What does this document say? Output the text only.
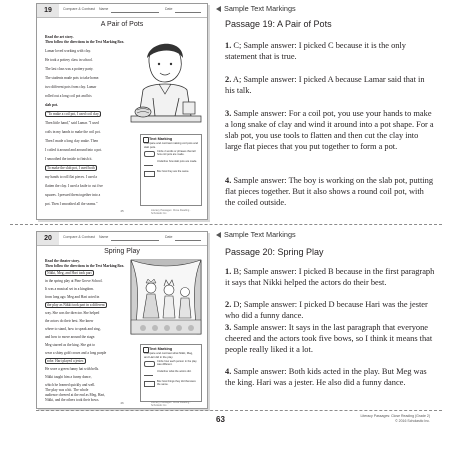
Sample Text Markings
19	Compare & Contrast Name	Date
A Pair of Pots
Read the art story.
Then follow the directions in the Text Marking Box.
Lamar loved working with clay.
He took a pottery class in school.
The last class was a pottery party.
The students made pots to take home.
two different pots from clay. Lamar
rolled out a long coil pot and his
slab pot.
"To make a coil pot, I used coil clay.
Then little hand," said Lamar. "I used
coils in my hands to make the coil pot.
Then I made a long clay snake. Then
I coiled it around and around into a pot.
I smoothed the inside to finish it.
To make the slab pot, I used both
my hands to roll flat pieces. I used a
flatten the clay. I used a knife to cut five
squares. I pressed them together into a
pot. Then I smoothed all the seams."
Text Marking
Compare and contrast making coil pots and slab pots.
Circle 2 words or phrases that tell how coil pots are made.
Underline how slab pots are made.
Box how they are the same.
45	Literacy Passages: Close Reading · Scholastic Inc.
Passage 19: A Pair of Pots
1. C; Sample answer: I picked C because it is the only statement that is true.
2. A; Sample answer: I picked A because Lamar said that in his talk.
3. Sample answer: For a coil pot, you use your hands to make a long snake of clay and wind it around into a pot shape. For a slab pot, you use tools to flatten and then cut the clay into large flat pieces that you put together to form a pot.
4. Sample answer: The boy is working on the slab pot, putting flat pieces together. But it also shows a round coil pot, with the coiled outside.
Sample Text Markings
20	Compare & Contrast Name	Date
Spring Play
Read the theater story.
Then follow the directions in the Text Marking Box.
Nikki, Meg, and Hari took part
in the spring play at Pine Grove School.
It was a musical set in a kingdom.
from long ago. Meg and Hari acted in
the play as Nikki took part in a different
way. She was the director. She helped
the actors do their best. She knew
where to stand, how to speak and sing,
and how to move around the stage.
Meg starred as the king. She got to
wear a shiny gold crown and a long purple
robe. Hari played a jester.
He wore a green funny hat with bells.
Nikki taught him a funny dance,
which he learned quickly and well.
The play was a hit. The whole
audience cheered at the end as Meg, Hari,
Nikki, and the others took their bows.
Text Marking
Compare and contrast what Nikki, Meg, and Hari did in the play.
Circle how each person in the play was different.
Underline what the actors did.
Box how things they did that were the same.
46	Literacy Passages: Close Reading · Scholastic Inc.
Passage 20: Spring Play
1. B; Sample answer: I picked B because in the first paragraph it says that Nikki helped the actors do their best.
2. D; Sample answer: I picked D because Hari was the jester who did a funny dance.
3. Sample answer: It says in the last paragraph that everyone cheered and the actors took five bows, so I think it means that people really liked it a lot.
4. Sample answer: Both kids acted in the play. But Meg was the king. Hari was a jester. He also did a funny dance.
63	Literacy Passages: Close Reading (Grade 2)
© 2016 Scholastic Inc.
